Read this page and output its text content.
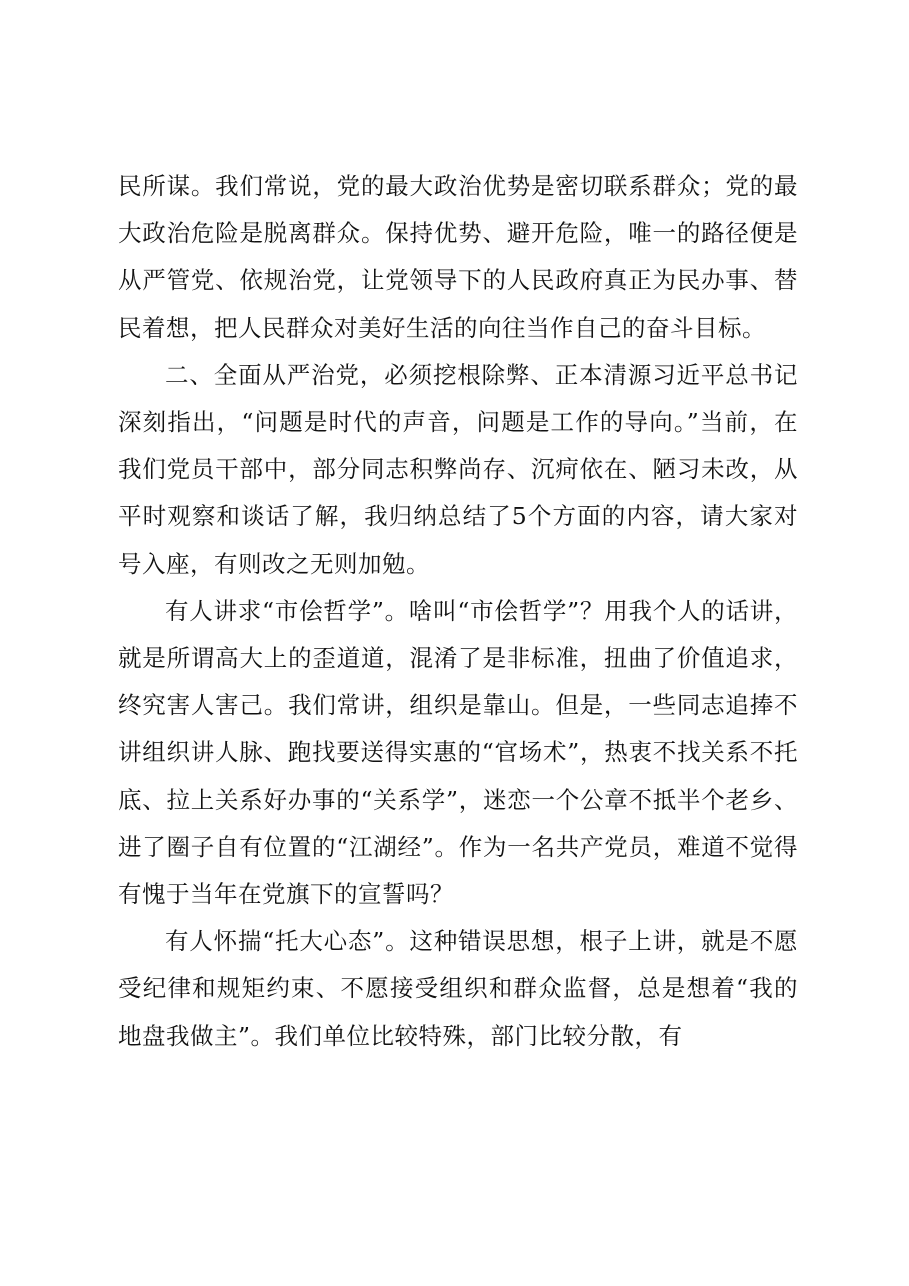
民所谋。我们常说，党的最大政治优势是密切联系群众；党的最大政治危险是脱离群众。保持优势、避开危险，唯一的路径便是从严管党、依规治党，让党领导下的人民政府真正为民办事、替民着想，把人民群众对美好生活的向往当作自己的奋斗目标。

二、全面从严治党，必须挖根除弊、正本清源习近平总书记深刻指出，“问题是时代的声音，问题是工作的导向。”当前，在我们党员干部中，部分同志积弊尚存、沉疴依在、陋习未改，从平时观察和谈话了解，我归纳总结了5个方面的内容，请大家对号入座，有则改之无则加勉。

有人讲求“市侩哲学”。啥叫“市侩哲学”？用我个人的话讲，就是所谓高大上的歪道道，混淆了是非标准，扭曲了价值追求，终究害人害己。我们常讲，组织是靠山。但是，一些同志追捧不讲组织讲人脉、跑找要送得实惠的“官场术”，热衷不找关系不托底、拉上关系好办事的“关系学”，迷恋一个公章不抵半个老乡、进了圈子自有位置的“江湖经”。作为一名共产党员，难道不觉得有愧于当年在党旗下的宣誓吗？

有人怀揣“托大心态”。这种错误思想，根子上讲，就是不愿受纪律和规矩约束、不愿接受组织和群众监督，总是想着“我的地盘我做主”。我们单位比较特殊，部门比较分散，有
